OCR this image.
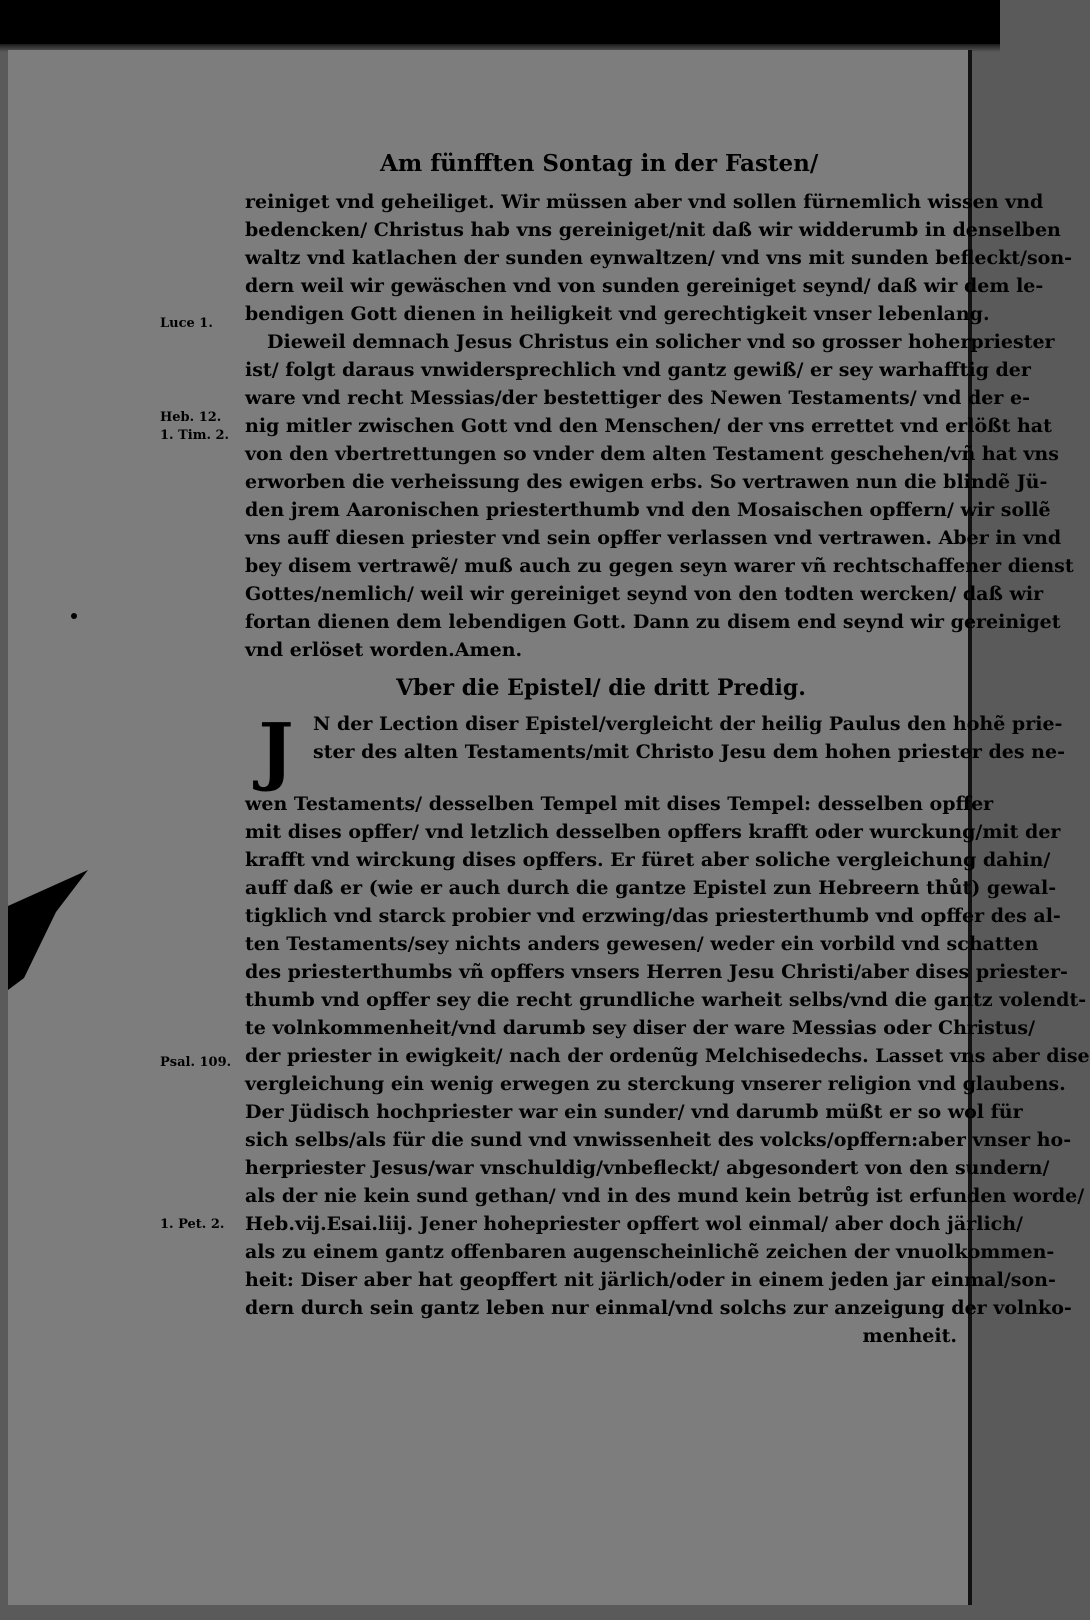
Am fünfften Sontag in der Fasten/
reiniget vnd geheiliget. Wir müssen aber vnd sollen fürnemlich wissen vnd
bedencken/ Christus hab vns gereiniget/nit daß wir widderumb in denselben
waltz vnd katlachen der sunden eynwaltzen/ vnd vns mit sunden befleckt/son-
dern weil wir gewäschen vnd von sunden gereiniget seynd/ daß wir dem le-
bendigen Gott dienen in heiligkeit vnd gerechtigkeit vnser lebenlang.
Dieweil demnach Jesus Christus ein solicher vnd so grosser hoherpriester
ist/ folgt daraus vnwidersprechlich vnd gantz gewiß/ er sey warhafftig der
ware vnd recht Messias/der bestettiger des Newen Testaments/ vnd der e-
nig mitler zwischen Gott vnd den Menschen/ der vns errettet vnd erlößt hat
von den vbertrettungen so vnder dem alten Testament geschehen/vñ hat vns
erworben die verheissung des ewigen erbs. So vertrawen nun die blindẽ Jü-
den jrem Aaronischen priesterthumb vnd den Mosaischen opffern/ wir sollẽ
vns auff diesen priester vnd sein opffer verlassen vnd vertrawen. Aber in vnd
bey disem vertrawẽ/ muß auch zu gegen seyn warer vñ rechtschaffener dienst
Gottes/nemlich/ weil wir gereiniget seynd von den todten wercken/ daß wir
fortan dienen dem lebendigen Gott. Dann zu disem end seynd wir gereiniget
vnd erlöset worden.Amen.
Vber die Epistel/ die dritt Predig.
J	N der Lection diser Epistel/vergleicht der heilig Paulus den hohẽ prie-
ster des alten Testaments/mit Christo Jesu dem hohen priester des ne-
wen Testaments/ desselben Tempel mit dises Tempel: desselben opffer
mit dises opffer/ vnd letzlich desselben opffers krafft oder wurckung/mit der
krafft vnd wirckung dises opffers. Er füret aber soliche vergleichung dahin/
auff daß er (wie er auch durch die gantze Epistel zun Hebreern thůt) gewal-
tigklich vnd starck probier vnd erzwing/das priesterthumb vnd opffer des al-
ten Testaments/sey nichts anders gewesen/ weder ein vorbild vnd schatten
des priesterthumbs vñ opffers vnsers Herren Jesu Christi/aber dises priester-
thumb vnd opffer sey die recht grundliche warheit selbs/vnd die gantz volendt-
te volnkommenheit/vnd darumb sey diser der ware Messias oder Christus/
der priester in ewigkeit/ nach der ordenũg Melchisedechs. Lasset vns aber dise
vergleichung ein wenig erwegen zu sterckung vnserer religion vnd glaubens.
Der Jüdisch hochpriester war ein sunder/ vnd darumb müßt er so wol für
sich selbs/als für die sund vnd vnwissenheit des volcks/opffern:aber vnser ho-
herpriester Jesus/war vnschuldig/vnbefleckt/ abgesondert von den sundern/
als der nie kein sund gethan/ vnd in des mund kein betrůg ist erfunden worde/
Heb.vij.Esai.liij. Jener hohepriester opffert wol einmal/ aber doch järlich/
als zu einem gantz offenbaren augenscheinlichẽ zeichen der vnuolkommen-
heit: Diser aber hat geopffert nit järlich/oder in einem jeden jar einmal/son-
dern durch sein gantz leben nur einmal/vnd solchs zur anzeigung der volnko-
menheit.
Luce 1.
Heb. 12.
1. Tim. 2.
Psal. 109.
1. Pet. 2.
